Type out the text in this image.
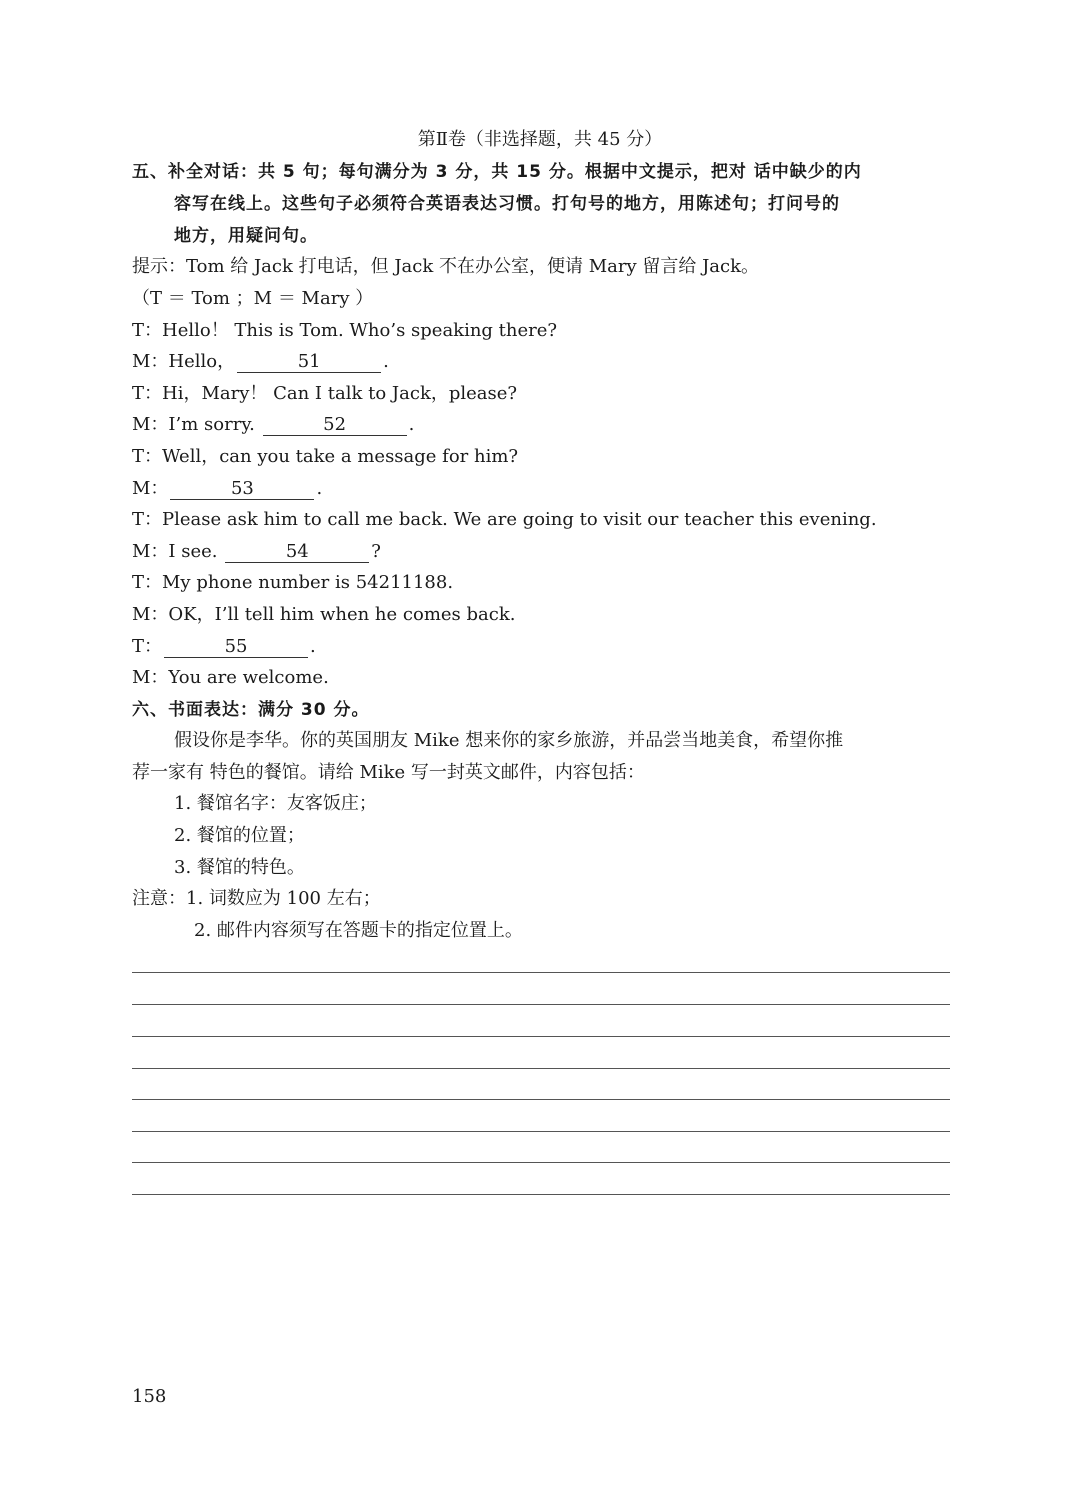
第Ⅱ卷（非选择题，共 45 分）
五、补全对话：共 5 句；每句满分为 3 分，共 15 分。根据中文提示，把对 话中缺少的内
容写在线上。这些句子必须符合英语表达习惯。打句号的地方，用陈述句；打问号的
地方，用疑问句。
提示：Tom 给 Jack 打电话，但 Jack 不在办公室，便请 Mary 留言给 Jack。
（T ＝ Tom ；M ＝ Mary ）
T：Hello！ This is Tom. Who’s speaking there?
M：Hello，	51	.
T：Hi，Mary！ Can I talk to Jack，please?
M：I’m sorry.	52	.
T：Well，can you take a message for him?
M：	53	.
T：Please ask him to call me back. We are going to visit our teacher this evening.
M：I see.	54	?
T：My phone number is 54211188.
M：OK，I’ll tell him when he comes back.
T：	55	.
M：You are welcome.
六、书面表达：满分 30 分。
假设你是李华。你的英国朋友 Mike 想来你的家乡旅游，并品尝当地美食，希望你推
荐一家有 特色的餐馆。请给 Mike 写一封英文邮件，内容包括：
1. 餐馆名字：友客饭庄；
2. 餐馆的位置；
3. 餐馆的特色。
注意：1. 词数应为 100 左右；
2. 邮件内容须写在答题卡的指定位置上。
158
